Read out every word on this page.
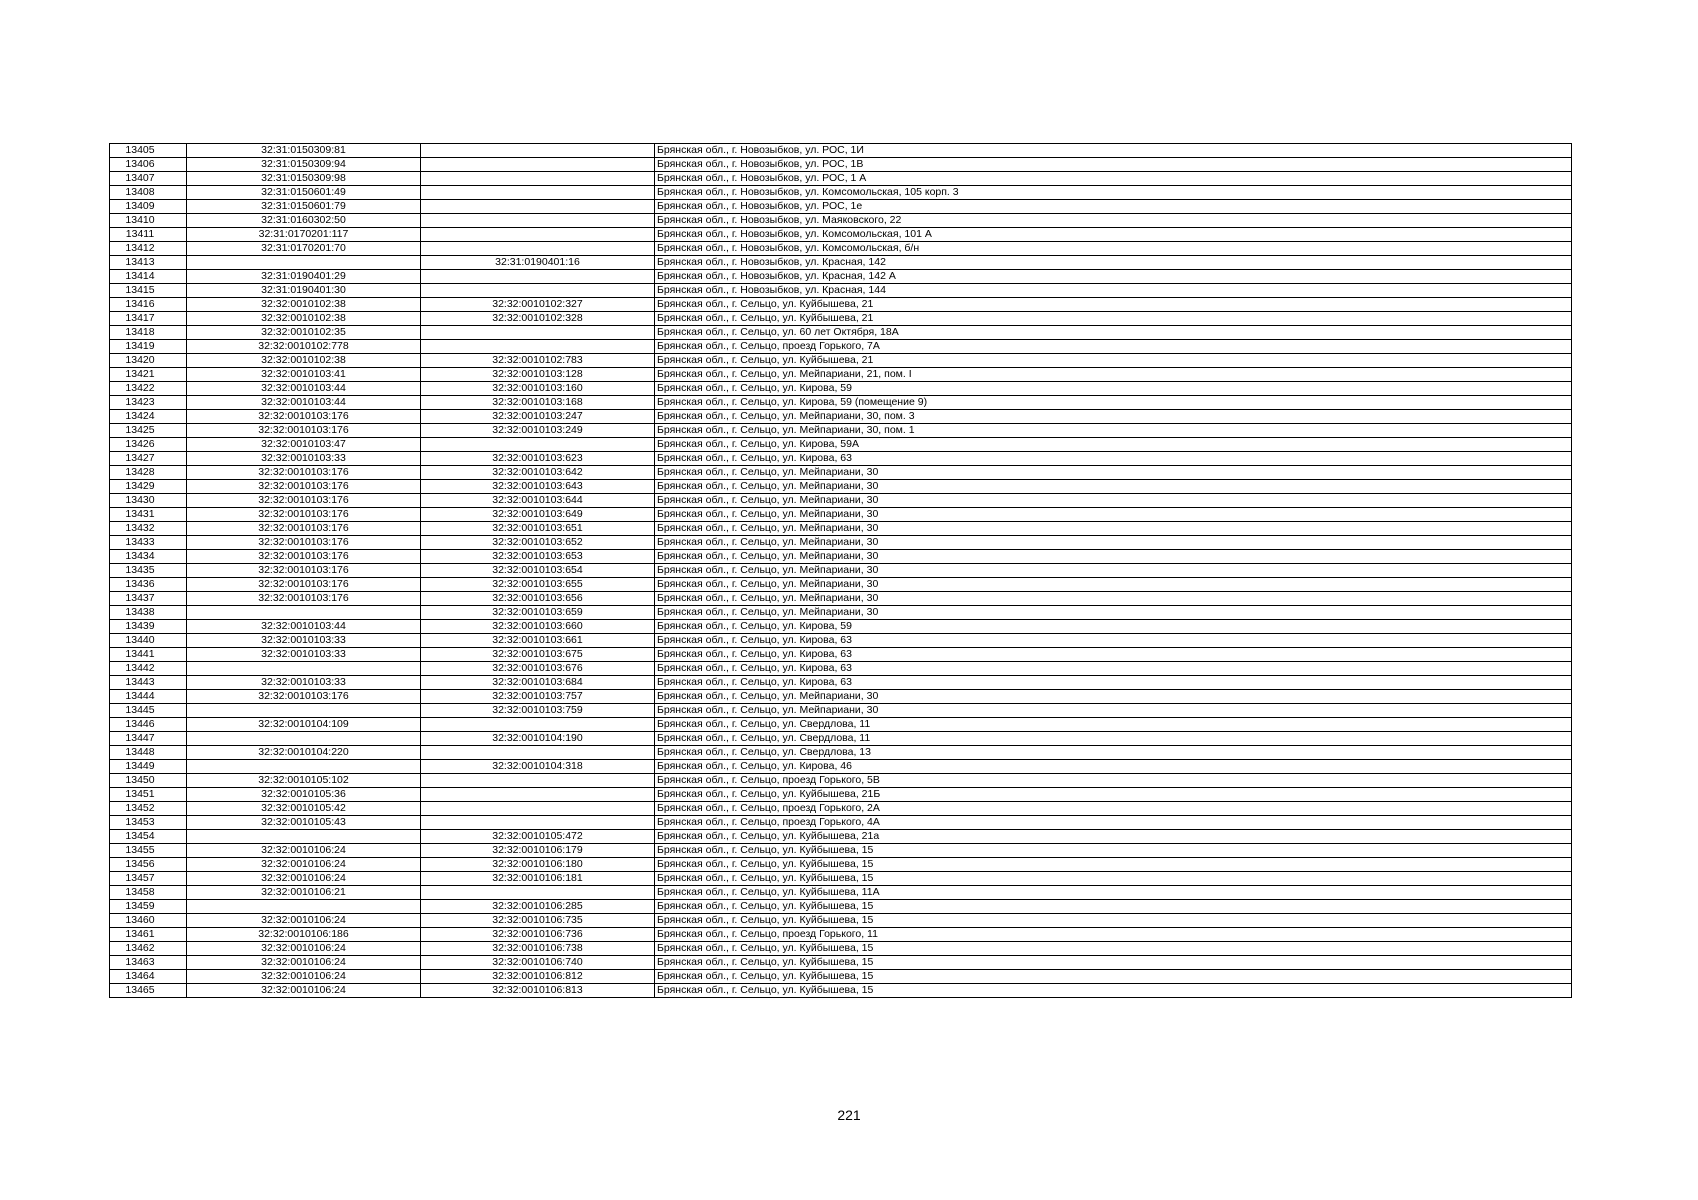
13405	32:31:0150309:81		Брянская обл., г. Новозыбков, ул. РОС, 1И
13406	32:31:0150309:94		Брянская обл., г. Новозыбков, ул. РОС, 1В
13407	32:31:0150309:98		Брянская обл., г. Новозыбков, ул. РОС, 1 А
13408	32:31:0150601:49		Брянская обл., г. Новозыбков, ул. Комсомольская, 105 корп. 3
13409	32:31:0150601:79		Брянская обл., г. Новозыбков, ул. РОС, 1е
13410	32:31:0160302:50		Брянская обл., г. Новозыбков, ул. Маяковского, 22
13411	32:31:0170201:117		Брянская обл., г. Новозыбков, ул. Комсомольская, 101 А
13412	32:31:0170201:70		Брянская обл., г. Новозыбков, ул. Комсомольская, б/н
13413		32:31:0190401:16	Брянская обл., г. Новозыбков, ул. Красная, 142
13414	32:31:0190401:29		Брянская обл., г. Новозыбков, ул. Красная, 142 А
13415	32:31:0190401:30		Брянская обл., г. Новозыбков, ул. Красная, 144
13416	32:32:0010102:38	32:32:0010102:327	Брянская обл., г. Сельцо, ул. Куйбышева, 21
13417	32:32:0010102:38	32:32:0010102:328	Брянская обл., г. Сельцо, ул. Куйбышева, 21
13418	32:32:0010102:35		Брянская обл., г. Сельцо, ул. 60 лет Октября, 18А
13419	32:32:0010102:778		Брянская обл., г. Сельцо, проезд Горького, 7А
13420	32:32:0010102:38	32:32:0010102:783	Брянская обл., г. Сельцо, ул. Куйбышева, 21
13421	32:32:0010103:41	32:32:0010103:128	Брянская обл., г. Сельцо, ул. Мейпариани, 21, пом. I
13422	32:32:0010103:44	32:32:0010103:160	Брянская обл., г. Сельцо, ул. Кирова, 59
13423	32:32:0010103:44	32:32:0010103:168	Брянская обл., г. Сельцо, ул. Кирова, 59 (помещение 9)
13424	32:32:0010103:176	32:32:0010103:247	Брянская обл., г. Сельцо, ул. Мейпариани, 30, пом. 3
13425	32:32:0010103:176	32:32:0010103:249	Брянская обл., г. Сельцо, ул. Мейпариани, 30, пом. 1
13426	32:32:0010103:47		Брянская обл., г. Сельцо, ул. Кирова, 59А
13427	32:32:0010103:33	32:32:0010103:623	Брянская обл., г. Сельцо, ул. Кирова, 63
13428	32:32:0010103:176	32:32:0010103:642	Брянская обл., г. Сельцо, ул. Мейпариани, 30
13429	32:32:0010103:176	32:32:0010103:643	Брянская обл., г. Сельцо, ул. Мейпариани, 30
13430	32:32:0010103:176	32:32:0010103:644	Брянская обл., г. Сельцо, ул. Мейпариани, 30
13431	32:32:0010103:176	32:32:0010103:649	Брянская обл., г. Сельцо, ул. Мейпариани, 30
13432	32:32:0010103:176	32:32:0010103:651	Брянская обл., г. Сельцо, ул. Мейпариани, 30
13433	32:32:0010103:176	32:32:0010103:652	Брянская обл., г. Сельцо, ул. Мейпариани, 30
13434	32:32:0010103:176	32:32:0010103:653	Брянская обл., г. Сельцо, ул. Мейпариани, 30
13435	32:32:0010103:176	32:32:0010103:654	Брянская обл., г. Сельцо, ул. Мейпариани, 30
13436	32:32:0010103:176	32:32:0010103:655	Брянская обл., г. Сельцо, ул. Мейпариани, 30
13437	32:32:0010103:176	32:32:0010103:656	Брянская обл., г. Сельцо, ул. Мейпариани, 30
13438		32:32:0010103:659	Брянская обл., г. Сельцо, ул. Мейпариани, 30
13439	32:32:0010103:44	32:32:0010103:660	Брянская обл., г. Сельцо, ул. Кирова, 59
13440	32:32:0010103:33	32:32:0010103:661	Брянская обл., г. Сельцо, ул. Кирова, 63
13441	32:32:0010103:33	32:32:0010103:675	Брянская обл., г. Сельцо, ул. Кирова, 63
13442		32:32:0010103:676	Брянская обл., г. Сельцо, ул. Кирова, 63
13443	32:32:0010103:33	32:32:0010103:684	Брянская обл., г. Сельцо, ул. Кирова, 63
13444	32:32:0010103:176	32:32:0010103:757	Брянская обл., г. Сельцо, ул. Мейпариани, 30
13445		32:32:0010103:759	Брянская обл., г. Сельцо, ул. Мейпариани, 30
13446	32:32:0010104:109		Брянская обл., г. Сельцо, ул. Свердлова, 11
13447		32:32:0010104:190	Брянская обл., г. Сельцо, ул. Свердлова, 11
13448	32:32:0010104:220		Брянская обл., г. Сельцо, ул. Свердлова, 13
13449		32:32:0010104:318	Брянская обл., г. Сельцо, ул. Кирова, 46
13450	32:32:0010105:102		Брянская обл., г. Сельцо, проезд Горького, 5В
13451	32:32:0010105:36		Брянская обл., г. Сельцо, ул. Куйбышева, 21Б
13452	32:32:0010105:42		Брянская обл., г. Сельцо, проезд Горького, 2А
13453	32:32:0010105:43		Брянская обл., г. Сельцо, проезд Горького, 4А
13454		32:32:0010105:472	Брянская обл., г. Сельцо, ул. Куйбышева, 21а
13455	32:32:0010106:24	32:32:0010106:179	Брянская обл., г. Сельцо, ул. Куйбышева, 15
13456	32:32:0010106:24	32:32:0010106:180	Брянская обл., г. Сельцо, ул. Куйбышева, 15
13457	32:32:0010106:24	32:32:0010106:181	Брянская обл., г. Сельцо, ул. Куйбышева, 15
13458	32:32:0010106:21		Брянская обл., г. Сельцо, ул. Куйбышева, 11А
13459		32:32:0010106:285	Брянская обл., г. Сельцо, ул. Куйбышева, 15
13460	32:32:0010106:24	32:32:0010106:735	Брянская обл., г. Сельцо, ул. Куйбышева, 15
13461	32:32:0010106:186	32:32:0010106:736	Брянская обл., г. Сельцо, проезд Горького, 11
13462	32:32:0010106:24	32:32:0010106:738	Брянская обл., г. Сельцо, ул. Куйбышева, 15
13463	32:32:0010106:24	32:32:0010106:740	Брянская обл., г. Сельцо, ул. Куйбышева, 15
13464	32:32:0010106:24	32:32:0010106:812	Брянская обл., г. Сельцо, ул. Куйбышева, 15
13465	32:32:0010106:24	32:32:0010106:813	Брянская обл., г. Сельцо, ул. Куйбышева, 15
221
